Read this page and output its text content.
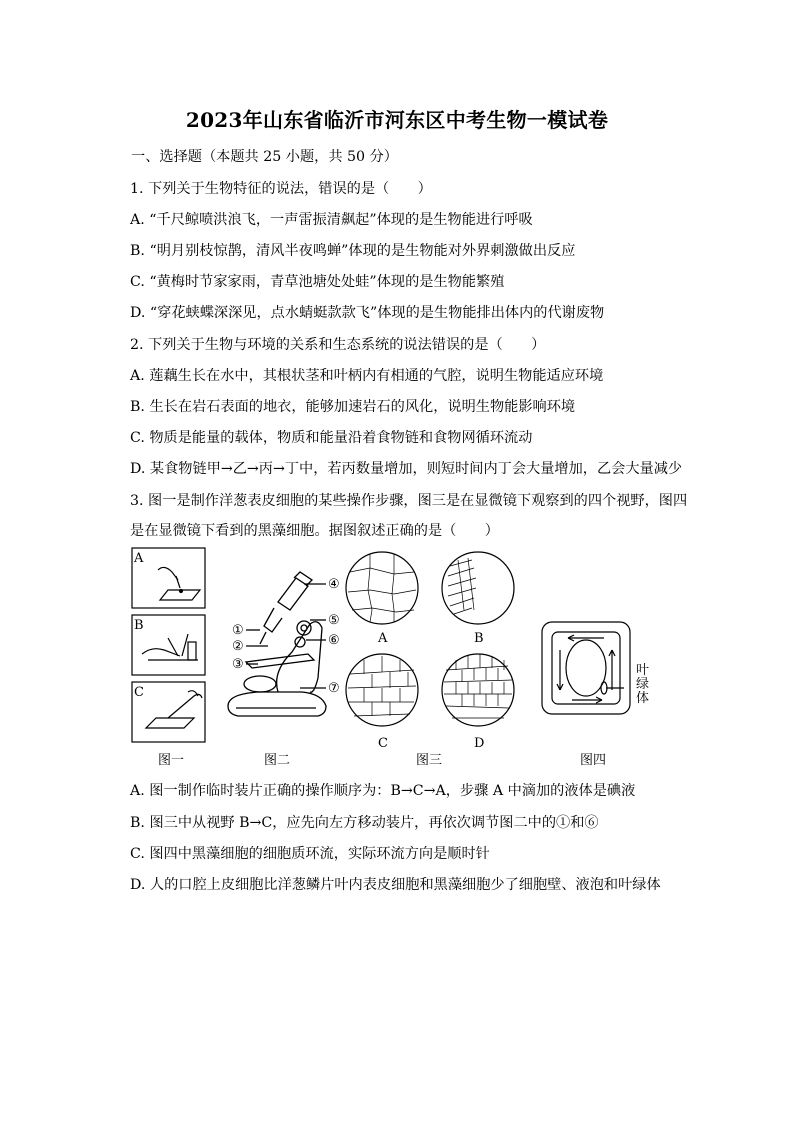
2023年山东省临沂市河东区中考生物一模试卷
一、选择题（本题共 25 小题，共 50 分）
1. 下列关于生物特征的说法，错误的是（　　）
A. “千尺鲸喷洪浪飞，一声雷振清飙起”体现的是生物能进行呼吸
B. “明月别枝惊鹊，清风半夜鸣蝉”体现的是生物能对外界刺激做出反应
C. “黄梅时节家家雨，青草池塘处处蛙”体现的是生物能繁殖
D. “穿花蛱蝶深深见，点水蜻蜓款款飞”体现的是生物能排出体内的代谢废物
2. 下列关于生物与环境的关系和生态系统的说法错误的是（　　）
A. 莲藕生长在水中，其根状茎和叶柄内有相通的气腔，说明生物能适应环境
B. 生长在岩石表面的地衣，能够加速岩石的风化，说明生物能影响环境
C. 物质是能量的载体，物质和能量沿着食物链和食物网循环流动
D. 某食物链甲→乙→丙→丁中，若丙数量增加，则短时间内丁会大量增加，乙会大量减少
3. 图一是制作洋葱表皮细胞的某些操作步骤，图三是在显微镜下观察到的四个视野，图四
是在显微镜下看到的黑藻细胞。据图叙述正确的是（　　）
A
B
C
①
②
③
④
⑤
⑥
⑦
A	B
C	D
叶
绿
体
图一	图二	图三	图四
A. 图一制作临时装片正确的操作顺序为：B→C→A，步骤 A 中滴加的液体是碘液
B. 图三中从视野 B→C，应先向左方移动装片，再依次调节图二中的①和⑥
C. 图四中黑藻细胞的细胞质环流，实际环流方向是顺时针
D. 人的口腔上皮细胞比洋葱鳞片叶内表皮细胞和黑藻细胞少了细胞壁、液泡和叶绿体
